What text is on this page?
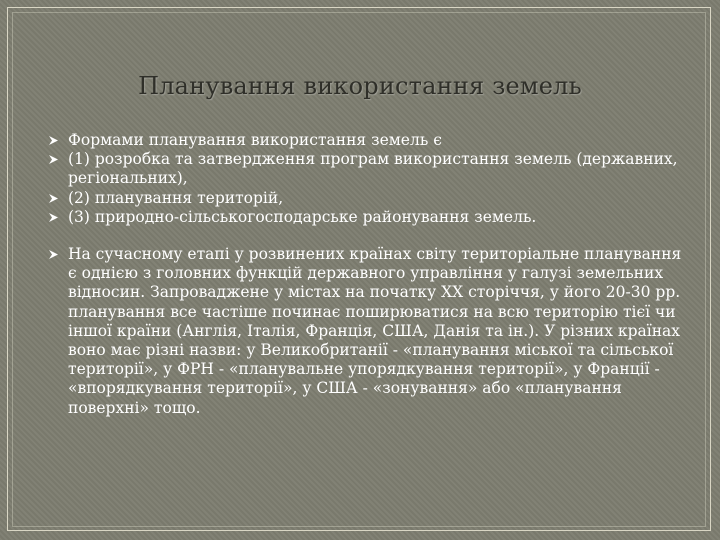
Планування використання земель
Формами планування використання земель є
(1) розробка та затвердження програм використання земель (державних, регіональних),
(2) планування територій,
(3) природно-сільськогосподарське районування земель.
На сучасному етапі у розвинених країнах світу територіальне планування є однією з головних функцій державного управління у галузі земельних відносин. Запроваджене у містах на початку XX сторіччя, у його 20-30 рр. планування все частіше починає поширюватися на всю територію тієї чи іншої країни (Англія, Італія, Франція, США, Данія та ін.). У різних країнах воно має різні назви: у Великобританії - «планування міської та сільської території», у ФРН - «планувальне упорядкування території», у Франції - «впорядкування території», у США - «зонування» або «планування поверхні» тощо.
